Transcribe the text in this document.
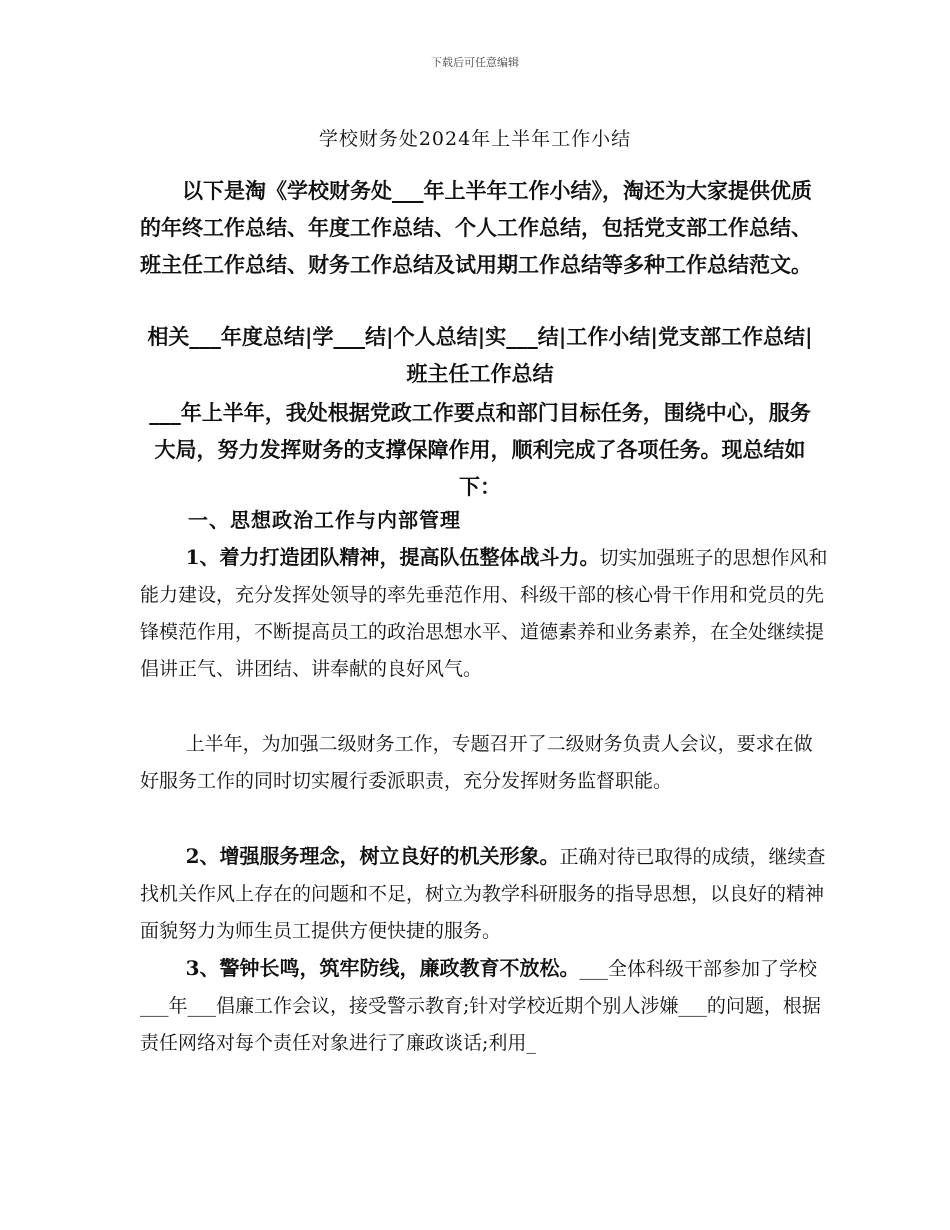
下载后可任意编辑
学校财务处2024年上半年工作小结

以下是淘《学校财务处___年上半年工作小结》，淘还为大家提供优质的年终工作总结、年度工作总结、个人工作总结，包括党支部工作总结、班主任工作总结、财务工作总结及试用期工作总结等多种工作总结范文。

相关___年度总结|学___结|个人总结|实___结|工作小结|党支部工作总结|班主任工作总结

___年上半年，我处根据党政工作要点和部门目标任务，围绕中心，服务大局，努力发挥财务的支撑保障作用，顺利完成了各项任务。现总结如下：

一、思想政治工作与内部管理

1、着力打造团队精神，提高队伍整体战斗力。切实加强班子的思想作风和能力建设，充分发挥处领导的率先垂范作用、科级干部的核心骨干作用和党员的先锋模范作用，不断提高员工的政治思想水平、道德素养和业务素养，在全处继续提倡讲正气、讲团结、讲奉献的良好风气。

上半年，为加强二级财务工作，专题召开了二级财务负责人会议，要求在做好服务工作的同时切实履行委派职责，充分发挥财务监督职能。

2、增强服务理念，树立良好的机关形象。正确对待已取得的成绩，继续查找机关作风上存在的问题和不足，树立为教学科研服务的指导思想，以良好的精神面貌努力为师生员工提供方便快捷的服务。

3、警钟长鸣，筑牢防线，廉政教育不放松。___全体科级干部参加了学校___年___倡廉工作会议，接受警示教育;针对学校近期个别人涉嫌___的问题，根据责任网络对每个责任对象进行了廉政谈话;利用_
